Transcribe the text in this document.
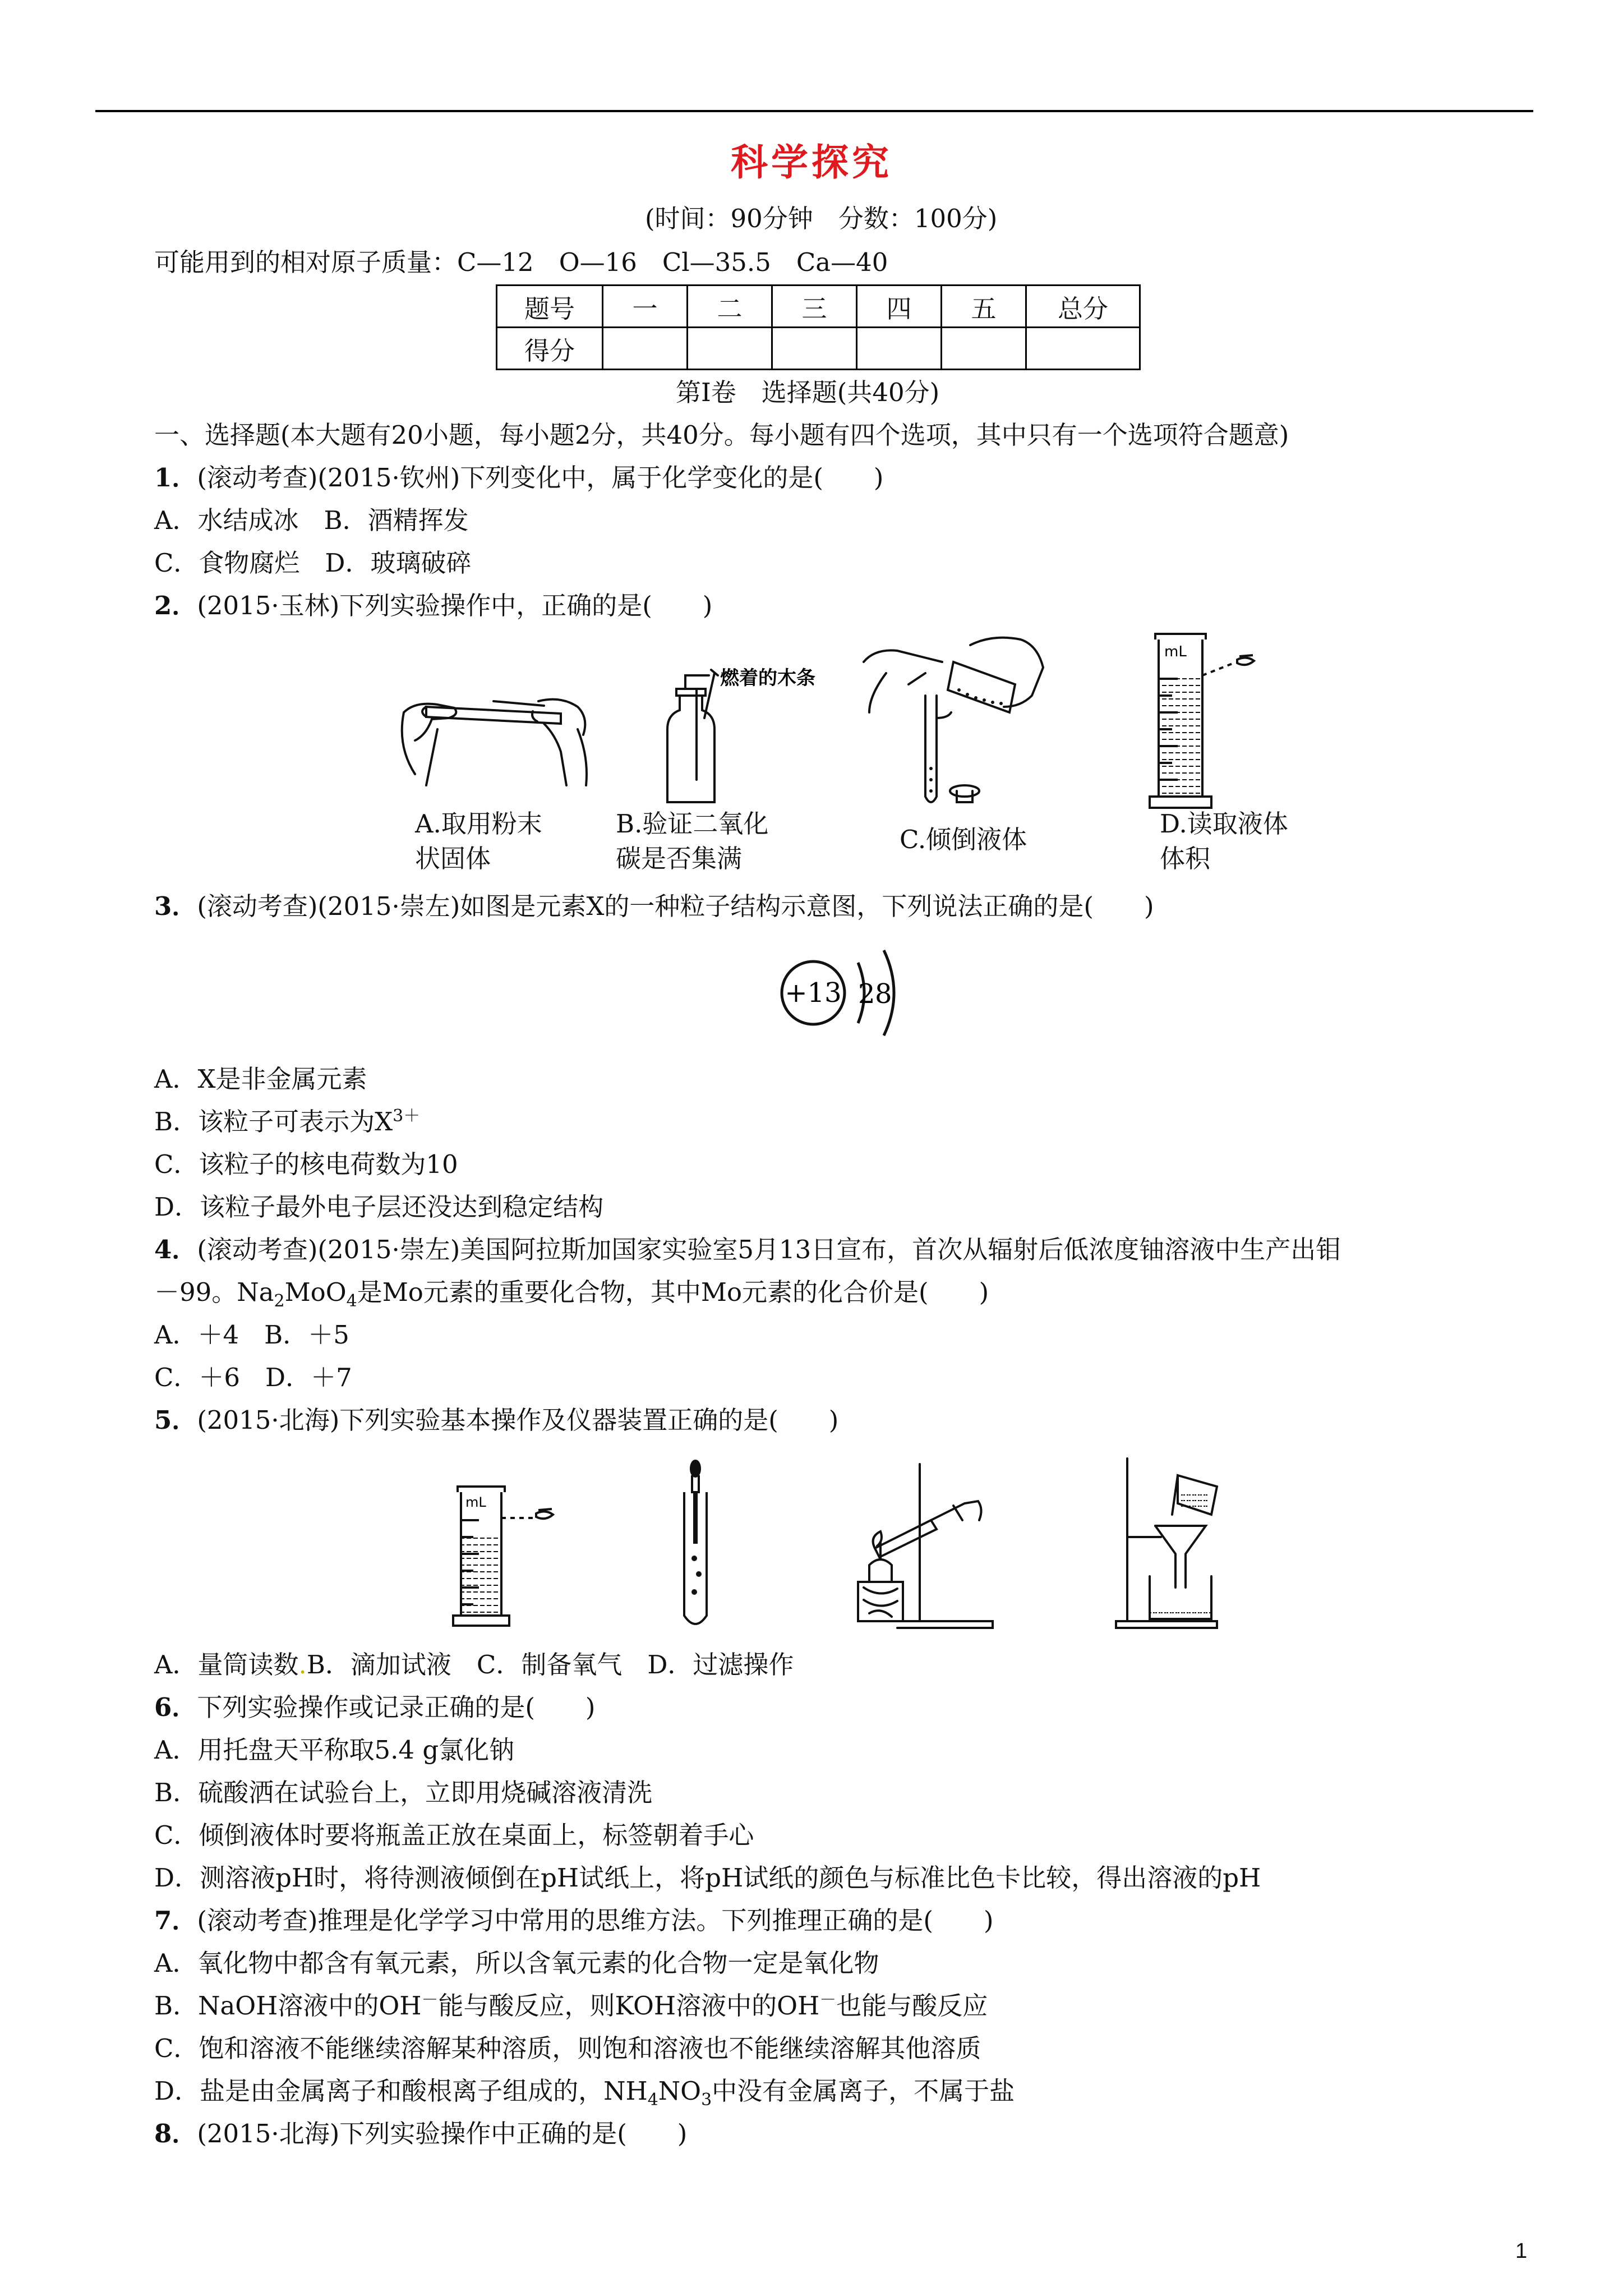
科学探究
(时间：90分钟　分数：100分)
可能用到的相对原子质量：C—12　O—16　Cl—35.5　Ca—40
题号	一	二	三	四	五	总分
得分						
第Ⅰ卷　选择题(共40分)
一、选择题(本大题有20小题，每小题2分，共40分。每小题有四个选项，其中只有一个选项符合题意)
1．(滚动考查)(2015·钦州)下列变化中，属于化学变化的是(　　)
A．水结成冰　B．酒精挥发
C．食物腐烂　D．玻璃破碎
2．(2015·玉林)下列实验操作中，正确的是(　　)
燃着的木条
mL
A.取用粉末
状固体
B.验证二氧化
碳是否集满
C.倾倒液体
D.读取液体
体积
3．(滚动考查)(2015·崇左)如图是元素X的一种粒子结构示意图，下列说法正确的是(　　)
+13 2 8
A．X是非金属元素
B．该粒子可表示为$X^{3+}$
C．该粒子的核电荷数为10
D．该粒子最外电子层还没达到稳定结构
4．(滚动考查)(2015·崇左)美国阿拉斯加国家实验室5月13日宣布，首次从辐射后低浓度铀溶液中生产出钼
－99。$Na_2MoO_4$是Mo元素的重要化合物，其中Mo元素的化合价是(　　)
A．＋4　B．＋5
C．＋6　D．＋7
5．(2015·北海)下列实验基本操作及仪器装置正确的是(　　)
mL
A．量筒读数.B．滴加试液　C．制备氧气　D．过滤操作
6．下列实验操作或记录正确的是(　　)
A．用托盘天平称取5.4 g氯化钠
B．硫酸洒在试验台上，立即用烧碱溶液清洗
C．倾倒液体时要将瓶盖正放在桌面上，标签朝着手心
D．测溶液pH时，将待测液倾倒在pH试纸上，将pH试纸的颜色与标准比色卡比较，得出溶液的pH
7．(滚动考查)推理是化学学习中常用的思维方法。下列推理正确的是(　　)
A．氧化物中都含有氧元素，所以含氧元素的化合物一定是氧化物
B．NaOH溶液中的OH－能与酸反应，则KOH溶液中的OH－也能与酸反应
C．饱和溶液不能继续溶解某种溶质，则饱和溶液也不能继续溶解其他溶质
D．盐是由金属离子和酸根离子组成的，$NH_4NO_3$中没有金属离子，不属于盐
8．(2015·北海)下列实验操作中正确的是(　　)
1
